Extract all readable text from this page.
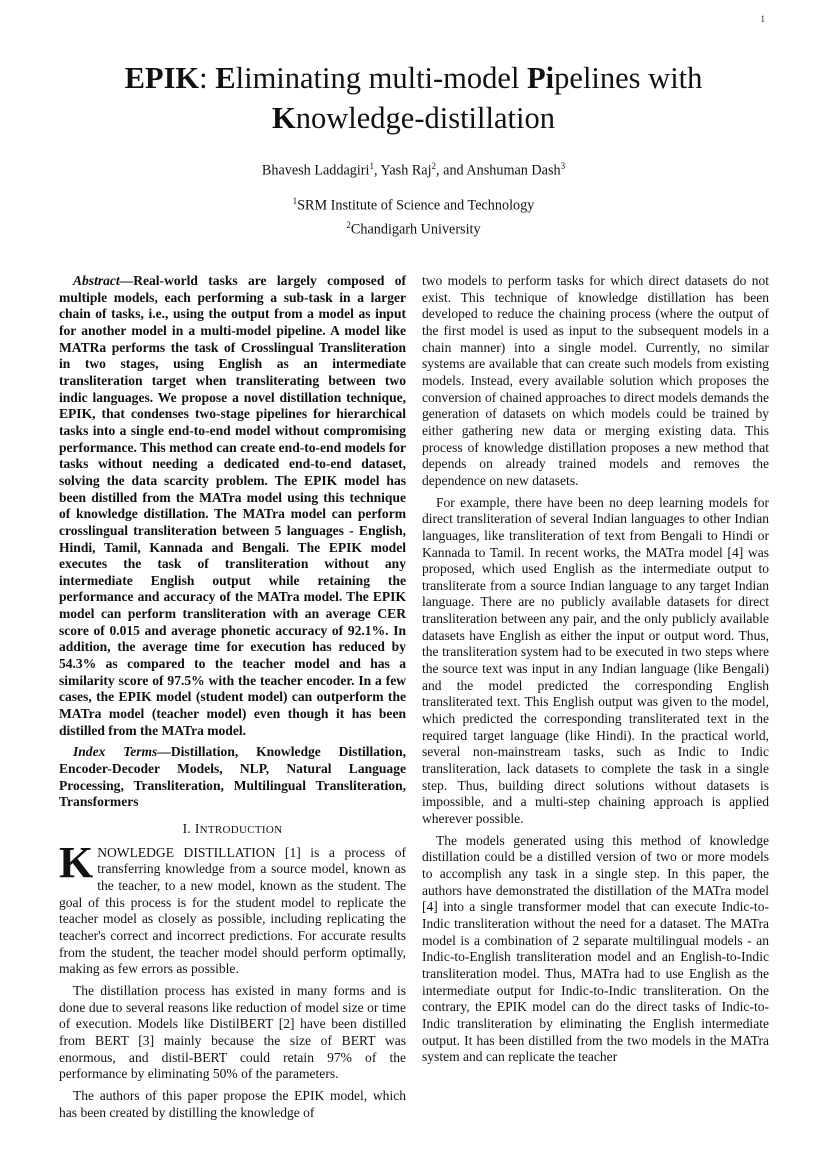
1
EPIK: Eliminating multi-model Pipelines with
Knowledge-distillation
Bhavesh Laddagiri$^1$, Yash Raj$^2$, and Anshuman Dash$^3$
$^1$SRM Institute of Science and Technology
$^2$Chandigarh University

Abstract—Real-world tasks are largely composed of multiple models, each performing a sub-task in a larger chain of tasks, i.e., using the output from a model as input for another model in a multi-model pipeline. A model like MATRa performs the task of Crosslingual Transliteration in two stages, using English as an intermediate transliteration target when transliterating between two indic languages. We propose a novel distillation technique, EPIK, that condenses two-stage pipelines for hierarchical tasks into a single end-to-end model without compromising performance. This method can create end-to-end models for tasks without needing a dedicated end-to-end dataset, solving the data scarcity problem. The EPIK model has been distilled from the MATra model using this technique of knowledge distillation. The MATra model can perform crosslingual transliteration between 5 languages - English, Hindi, Tamil, Kannada and Bengali. The EPIK model executes the task of transliteration without any intermediate English output while retaining the performance and accuracy of the MATra model. The EPIK model can perform transliteration with an average CER score of 0.015 and average phonetic accuracy of 92.1%. In addition, the average time for execution has reduced by 54.3% as compared to the teacher model and has a similarity score of 97.5% with the teacher encoder. In a few cases, the EPIK model (student model) can outperform the MATra model (teacher model) even though it has been distilled from the MATra model.

Index Terms—Distillation, Knowledge Distillation, Encoder-Decoder Models, NLP, Natural Language Processing, Transliteration, Multilingual Transliteration, Transformers

I. INTRODUCTION

KNOWLEDGE DISTILLATION [1] is a process of transferring knowledge from a source model, known as the teacher, to a new model, known as the student. The goal of this process is for the student model to replicate the teacher model as closely as possible, including replicating the teacher's correct and incorrect predictions. For accurate results from the student, the teacher model should perform optimally, making as few errors as possible.

The distillation process has existed in many forms and is done due to several reasons like reduction of model size or time of execution. Models like DistilBERT [2] have been distilled from BERT [3] mainly because the size of BERT was enormous, and distil-BERT could retain 97% of the performance by eliminating 50% of the parameters.

The authors of this paper propose the EPIK model, which has been created by distilling the knowledge of

two models to perform tasks for which direct datasets do not exist. This technique of knowledge distillation has been developed to reduce the chaining process (where the output of the first model is used as input to the subsequent models in a chain manner) into a single model. Currently, no similar systems are available that can create such models from existing models. Instead, every available solution which proposes the conversion of chained approaches to direct models demands the generation of datasets on which models could be trained by either gathering new data or merging existing data. This process of knowledge distillation proposes a new method that depends on already trained models and removes the dependence on new datasets.

For example, there have been no deep learning models for direct transliteration of several Indian languages to other Indian languages, like transliteration of text from Bengali to Hindi or Kannada to Tamil. In recent works, the MATra model [4] was proposed, which used English as the intermediate output to transliterate from a source Indian language to any target Indian language. There are no publicly available datasets for direct transliteration between any pair, and the only publicly available datasets have English as either the input or output word. Thus, the transliteration system had to be executed in two steps where the source text was input in any Indian language (like Bengali) and the model predicted the corresponding English transliterated text. This English output was given to the model, which predicted the corresponding transliterated text in the required target language (like Hindi). In the practical world, several non-mainstream tasks, such as Indic to Indic transliteration, lack datasets to complete the task in a single step. Thus, building direct solutions without datasets is impossible, and a multi-step chaining approach is applied wherever possible.

The models generated using this method of knowledge distillation could be a distilled version of two or more models to accomplish any task in a single step. In this paper, the authors have demonstrated the distillation of the MATra model [4] into a single transformer model that can execute Indic-to-Indic transliteration without the need for a dataset. The MATra model is a combination of 2 separate multilingual models - an Indic-to-English transliteration model and an English-to-Indic transliteration model. Thus, MATra had to use English as the intermediate output for Indic-to-Indic transliteration. On the contrary, the EPIK model can do the direct tasks of Indic-to-Indic transliteration by eliminating the English intermediate output. It has been distilled from the two models in the MATra system and can replicate the teacher
